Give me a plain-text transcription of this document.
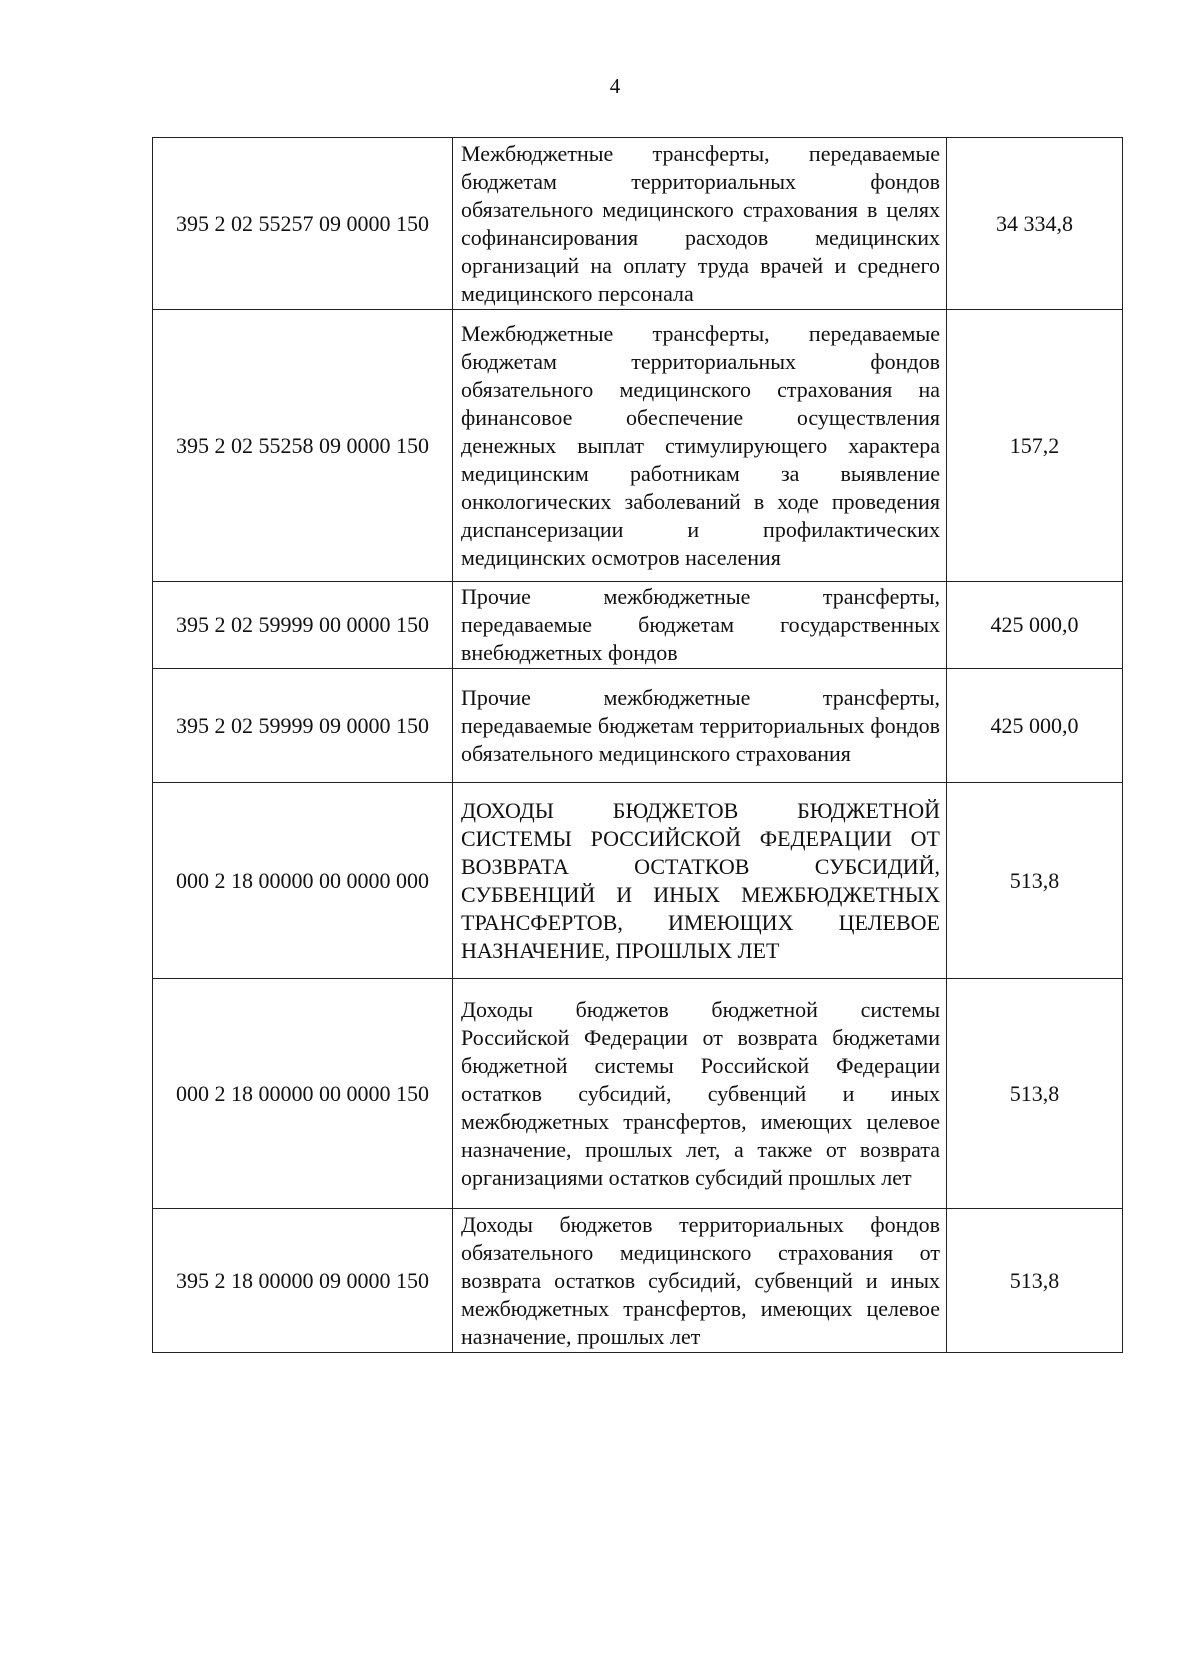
4
395 2 02 55257 09 0000 150	Межбюджетные трансферты, передаваемые бюджетам территориальных фондов обязательного медицинского страхования в целях софинансирования расходов медицинских организаций на оплату труда врачей и среднего медицинского персонала	34 334,8
395 2 02 55258 09 0000 150	Межбюджетные трансферты, передаваемые бюджетам территориальных фондов обязательного медицинского страхования на финансовое обеспечение осуществления денежных выплат стимулирующего характера медицинским работникам за выявление онкологических заболеваний в ходе проведения диспансеризации и профилактических медицинских осмотров населения	157,2
395 2 02 59999 00 0000 150	Прочие межбюджетные трансферты, передаваемые бюджетам государственных внебюджетных фондов	425 000,0
395 2 02 59999 09 0000 150	Прочие межбюджетные трансферты, передаваемые бюджетам территориальных фондов обязательного медицинского страхования	425 000,0
000 2 18 00000 00 0000 000	ДОХОДЫ БЮДЖЕТОВ БЮДЖЕТНОЙ СИСТЕМЫ РОССИЙСКОЙ ФЕДЕРАЦИИ ОТ ВОЗВРАТА ОСТАТКОВ СУБСИДИЙ, СУБВЕНЦИЙ И ИНЫХ МЕЖБЮДЖЕТНЫХ ТРАНСФЕРТОВ, ИМЕЮЩИХ ЦЕЛЕВОЕ НАЗНАЧЕНИЕ, ПРОШЛЫХ ЛЕТ	513,8
000 2 18 00000 00 0000 150	Доходы бюджетов бюджетной системы Российской Федерации от возврата бюджетами бюджетной системы Российской Федерации остатков субсидий, субвенций и иных межбюджетных трансфертов, имеющих целевое назначение, прошлых лет, а также от возврата организациями остатков субсидий прошлых лет	513,8
395 2 18 00000 09 0000 150	Доходы бюджетов территориальных фондов обязательного медицинского страхования от возврата остатков субсидий, субвенций и иных межбюджетных трансфертов, имеющих целевое назначение, прошлых лет	513,8
